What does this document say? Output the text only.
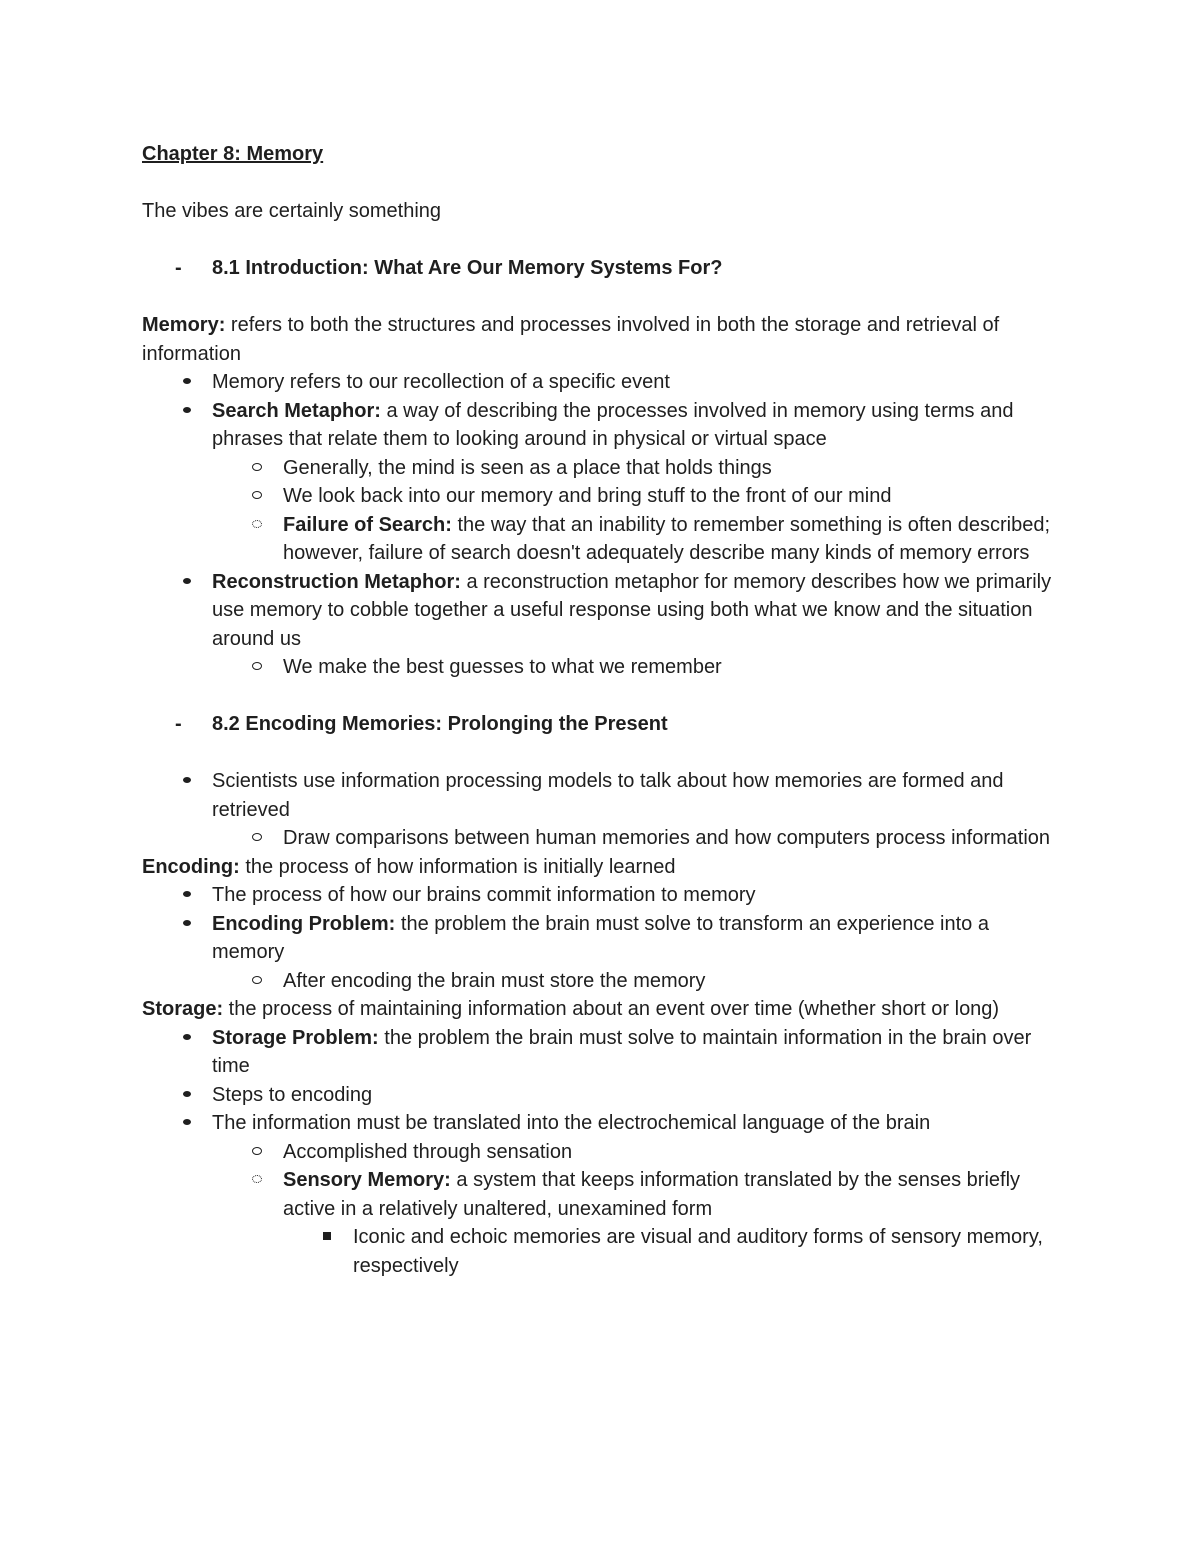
Chapter 8: Memory

The vibes are certainly something

- 8.1 Introduction: What Are Our Memory Systems For?

Memory: refers to both the structures and processes involved in both the storage and retrieval of information

Memory refers to our recollection of a specific event
Search Metaphor: a way of describing the processes involved in memory using terms and phrases that relate them to looking around in physical or virtual space
Generally, the mind is seen as a place that holds things
We look back into our memory and bring stuff to the front of our mind
Failure of Search: the way that an inability to remember something is often described; however, failure of search doesn't adequately describe many kinds of memory errors
Reconstruction Metaphor: a reconstruction metaphor for memory describes how we primarily use memory to cobble together a useful response using both what we know and the situation around us
We make the best guesses to what we remember
- 8.2 Encoding Memories: Prolonging the Present
Scientists use information processing models to talk about how memories are formed and retrieved
Draw comparisons between human memories and how computers process information

Encoding: the process of how information is initially learned

The process of how our brains commit information to memory
Encoding Problem: the problem the brain must solve to transform an experience into a memory
After encoding the brain must store the memory

Storage: the process of maintaining information about an event over time (whether short or long)

Storage Problem: the problem the brain must solve to maintain information in the brain over time
Steps to encoding
The information must be translated into the electrochemical language of the brain
Accomplished through sensation
Sensory Memory: a system that keeps information translated by the senses briefly active in a relatively unaltered, unexamined form
Iconic and echoic memories are visual and auditory forms of sensory memory, respectively
